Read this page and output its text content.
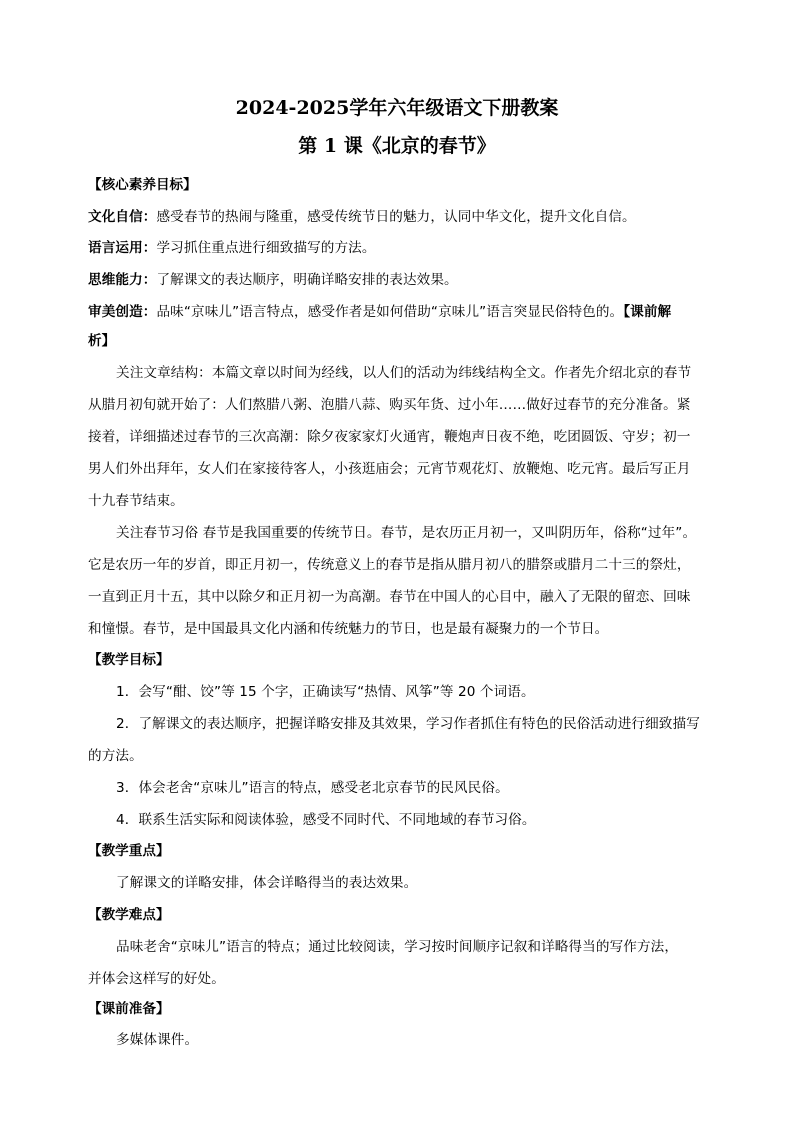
2024-2025学年六年级语文下册教案
第 1 课《北京的春节》
【核心素养目标】
文化自信：感受春节的热闹与隆重，感受传统节日的魅力，认同中华文化，提升文化自信。
语言运用：学习抓住重点进行细致描写的方法。
思维能力：了解课文的表达顺序，明确详略安排的表达效果。
审美创造：品味“京味儿”语言特点，感受作者是如何借助“京味儿”语言突显民俗特色的。【课前解
析】
关注文章结构：本篇文章以时间为经线，以人们的活动为纬线结构全文。作者先介绍北京的春节
从腊月初旬就开始了：人们熬腊八粥、泡腊八蒜、购买年货、过小年……做好过春节的充分准备。紧
接着，详细描述过春节的三次高潮：除夕夜家家灯火通宵，鞭炮声日夜不绝，吃团圆饭、守岁；初一
男人们外出拜年，女人们在家接待客人，小孩逛庙会；元宵节观花灯、放鞭炮、吃元宵。最后写正月
十九春节结束。
关注春节习俗 春节是我国重要的传统节日。春节，是农历正月初一，又叫阴历年，俗称“过年”。
它是农历一年的岁首，即正月初一，传统意义上的春节是指从腊月初八的腊祭或腊月二十三的祭灶，
一直到正月十五，其中以除夕和正月初一为高潮。春节在中国人的心目中，融入了无限的留恋、回味
和憧憬。春节，是中国最具文化内涵和传统魅力的节日，也是最有凝聚力的一个节日。
【教学目标】
1．会写“酣、饺”等 15 个字，正确读写“热情、风筝”等 20 个词语。
2．了解课文的表达顺序，把握详略安排及其效果，学习作者抓住有特色的民俗活动进行细致描写
的方法。
3．体会老舍“京味儿”语言的特点，感受老北京春节的民风民俗。
4．联系生活实际和阅读体验，感受不同时代、不同地域的春节习俗。
【教学重点】
了解课文的详略安排，体会详略得当的表达效果。
【教学难点】
品味老舍“京味儿”语言的特点；通过比较阅读，学习按时间顺序记叙和详略得当的写作方法，
并体会这样写的好处。
【课前准备】
多媒体课件。
